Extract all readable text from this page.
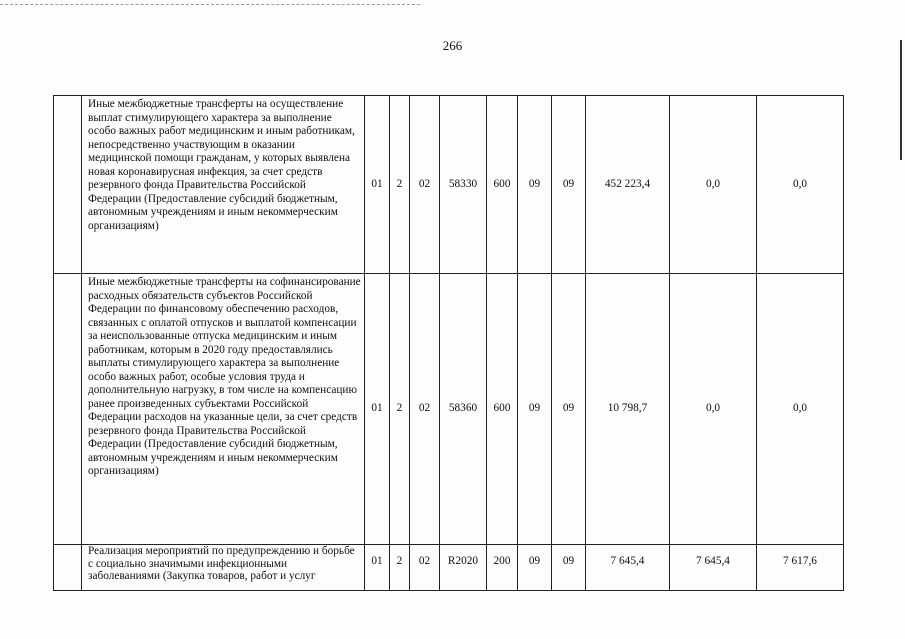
266
	Иные межбюджетные трансферты на осуществление выплат стимулирующего характера за выполнение особо важных работ медицинским и иным работникам, непосредственно участвующим в оказании медицинской помощи гражданам, у которых выявлена новая коронавирусная инфекция, за счет средств резервного фонда Правительства Российской Федерации (Предоставление субсидий бюджетным, автономным учреждениям и иным некоммерческим организациям)	01	2	02	58330	600	09	09	452 223,4	0,0	0,0
	Иные межбюджетные трансферты на софинансирование расходных обязательств субъектов Российской Федерации по финансовому обеспечению расходов, связанных с оплатой отпусков и выплатой компенсации за неиспользованные отпуска медицинским и иным работникам, которым в 2020 году предоставлялись выплаты стимулирующего характера за выполнение особо важных работ, особые условия труда и дополнительную нагрузку, в том числе на компенсацию ранее произведенных субъектами Российской Федерации расходов на указанные цели, за счет средств резервного фонда Правительства Российской Федерации (Предоставление субсидий бюджетным, автономным учреждениям и иным некоммерческим организациям)	01	2	02	58360	600	09	09	10 798,7	0,0	0,0
	Реализация мероприятий по предупреждению и борьбе с социально значимыми инфекционными заболеваниями (Закупка товаров, работ и услуг	01	2	02	R2020	200	09	09	7 645,4	7 645,4	7 617,6
